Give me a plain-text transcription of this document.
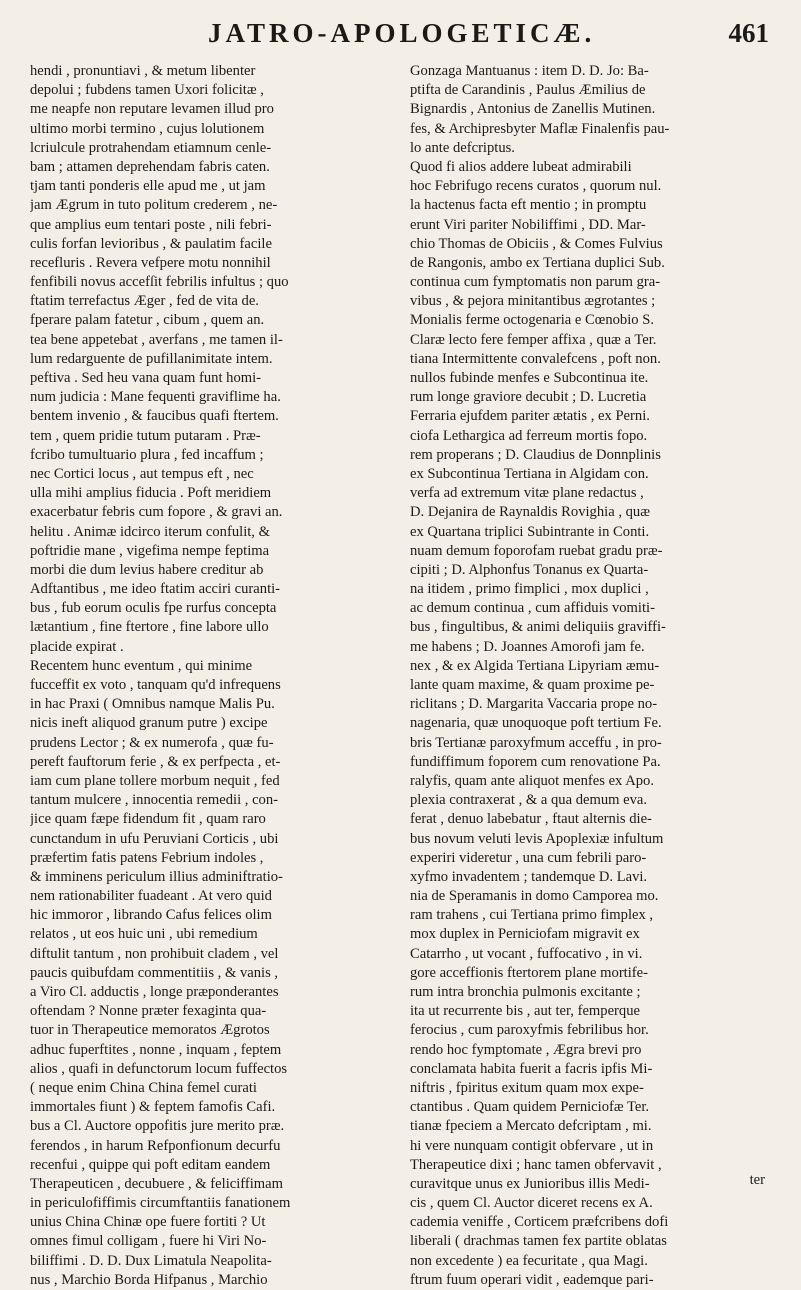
JATRO-APOLOGETICÆ.	461
hendi , pronuntiavi , & metum libenter
depolui ; fubdens tamen Uxori folicitæ ,
me neapfe non reputare levamen illud pro
ultimo morbi termino , cujus lolutionem
lcriulcule protrahendam etiamnum cenle-
bam ; attamen deprehendam fabris caten.
tjam tanti ponderis elle apud me , ut jam
jam Ægrum in tuto politum crederem , ne-
que amplius eum tentari poste , nili febri-
culis forfan levioribus , & paulatim facile
recefluris . Revera vefpere motu nonnihil
fenfibili novus accefſit febrilis infultus ; quo
ftatim terrefactus Æger , fed de vita de.
fperare palam fatetur , cibum , quem an.
tea bene appetebat , averfans , me tamen il-
lum redarguente de pufillanimitate intem.
peftiva . Sed heu vana quam funt homi-
num judicia : Mane fequenti graviflime ha.
bentem invenio , & faucibus quafi ftertem.
tem , quem pridie tutum putaram . Præ-
fcribo tumultuario plura , fed incaffum ;
nec Cortici locus , aut tempus eft , nec
ulla mihi amplius fiducia . Poft meridiem
exacerbatur febris cum fopore , & gravi an.
helitu . Animæ idcirco iterum confulit, &
poftridie mane , vigefima nempe feptima
morbi die dum levius habere creditur ab
Adftantibus , me ideo ftatim acciri curanti-
bus , fub eorum oculis fpe rurfus concepta
lætantium , fine ftertore , fine labore ullo
placide expirat .
Recentem hunc eventum , qui minime
fucceffit ex voto , tanquam qu'd infrequens
in hac Praxi ( Omnibus namque Malis Pu.
nicis ineft aliquod granum putre ) excipe
prudens Lector ; & ex numerofa , quæ fu-
pereft fauftorum ferie , & ex perfpecta , et-
iam cum plane tollere morbum nequit , fed
tantum mulcere , innocentia remedii , con-
jice quam fæpe fidendum fit , quam raro
cunctandum in ufu Peruviani Corticis , ubi
præfertim fatis patens Febrium indoles ,
& imminens periculum illius adminiftratio-
nem rationabiliter fuadeant . At vero quid
hic immoror , librando Cafus felices olim
relatos , ut eos huic uni , ubi remedium
diftulit tantum , non prohibuit cladem , vel
paucis quibufdam commentitiis , & vanis ,
a Viro Cl. adductis , longe præponderantes
oftendam ? Nonne præter fexaginta qua-
tuor in Therapeutice memoratos Ægrotos
adhuc fuperftites , nonne , inquam , feptem
alios , quafi in defunctorum locum fuffectos
( neque enim China China femel curati
immortales fiunt ) & feptem famofis Cafi.
bus a Cl. Auctore oppofitis jure merito præ.
ferendos , in harum Refponfionum decurfu
recenfui , quippe qui poft editam eandem
Therapeuticen , decubuere , & feliciffimam
in periculofiffimis circumftantiis fanationem
unius China Chinæ ope fuere fortiti ? Ut
omnes fimul colligam , fuere hi Viri No-
biliffimi . D. D. Dux Limatula Neapolita-
nus , Marchio Borda Hifpanus , Marchio
Gonzaga Mantuanus : item D. D. Jo: Ba-
ptifta de Carandinis , Paulus Æmilius de
Bignardis , Antonius de Zanellis Mutinen.
fes, & Archipresbyter Maflæ Finalenfis pau-
lo ante defcriptus.
Quod fi alios addere lubeat admirabili
hoc Febrifugo recens curatos , quorum nul.
la hactenus facta eft mentio ; in promptu
erunt Viri pariter Nobiliffimi , DD. Mar-
chio Thomas de Obiciis , & Comes Fulvius
de Rangonis, ambo ex Tertiana duplici Sub.
continua cum fymptomatis non parum gra-
vibus , & pejora minitantibus ægrotantes ;
Monialis ferme octogenaria e Cœnobio S.
Claræ lecto fere femper affixa , quæ a Ter.
tiana Intermittente convalefcens , poft non.
nullos fubinde menfes e Subcontinua ite.
rum longe graviore decubit ; D. Lucretia
Ferraria ejufdem pariter ætatis , ex Perni.
ciofa Lethargica ad ferreum mortis fopo.
rem properans ; D. Claudius de Donnplinis
ex Subcontinua Tertiana in Algidam con.
verfa ad extremum vitæ plane redactus ,
D. Dejanira de Raynaldis Rovighia , quæ
ex Quartana triplici Subintrante in Conti.
nuam demum foporofam ruebat gradu præ-
cipiti ; D. Alphonfus Tonanus ex Quarta-
na itidem , primo fimplici , mox duplici ,
ac demum continua , cum affiduis vomiti-
bus , fingultibus, & animi deliquiis graviffi-
me habens ; D. Joannes Amorofi jam fe.
nex , & ex Algida Tertiana Lipyriam æmu-
lante quam maxime, & quam proxime pe-
riclitans ; D. Margarita Vaccaria prope no-
nagenaria, quæ unoquoque poft tertium Fe.
bris Tertianæ paroxyfmum acceffu , in pro-
fundiffimum foporem cum renovatione Pa.
ralyfis, quam ante aliquot menfes ex Apo.
plexia contraxerat , & a qua demum eva.
ferat , denuo labebatur , ftaut alternis die-
bus novum veluti levis Apoplexiæ infultum
experiri videretur , una cum febrili paro-
xyfmo invadentem ; tandemque D. Lavi.
nia de Speramanis in domo Camporea mo.
ram trahens , cui Tertiana primo fimplex ,
mox duplex in Perniciofam migravit ex
Catarrho , ut vocant , fuffocativo , in vi.
gore acceffionis ftertorem plane mortife-
rum intra bronchia pulmonis excitante ;
ita ut recurrente bis , aut ter, femperque
ferocius , cum paroxyfmis febrilibus hor.
rendo hoc fymptomate , Ægra brevi pro
conclamata habita fuerit a facris ipfis Mi-
niftris , fpiritus exitum quam mox expe-
ctantibus . Quam quidem Perniciofæ Ter.
tianæ fpeciem a Mercato defcriptam , mi.
hi vere nunquam contigit obfervare , ut in
Therapeutice dixi ; hanc tamen obfervavit ,
curavitque unus ex Junioribus illis Medi-
cis , quem Cl. Auctor diceret recens ex A.
cademia veniffe , Corticem præfcribens dofi
liberali ( drachmas tamen fex partite oblatas
non excedente ) ea fecuritate , qua Magi.
ftrum fuum operari vidit , eademque pari-
ter
